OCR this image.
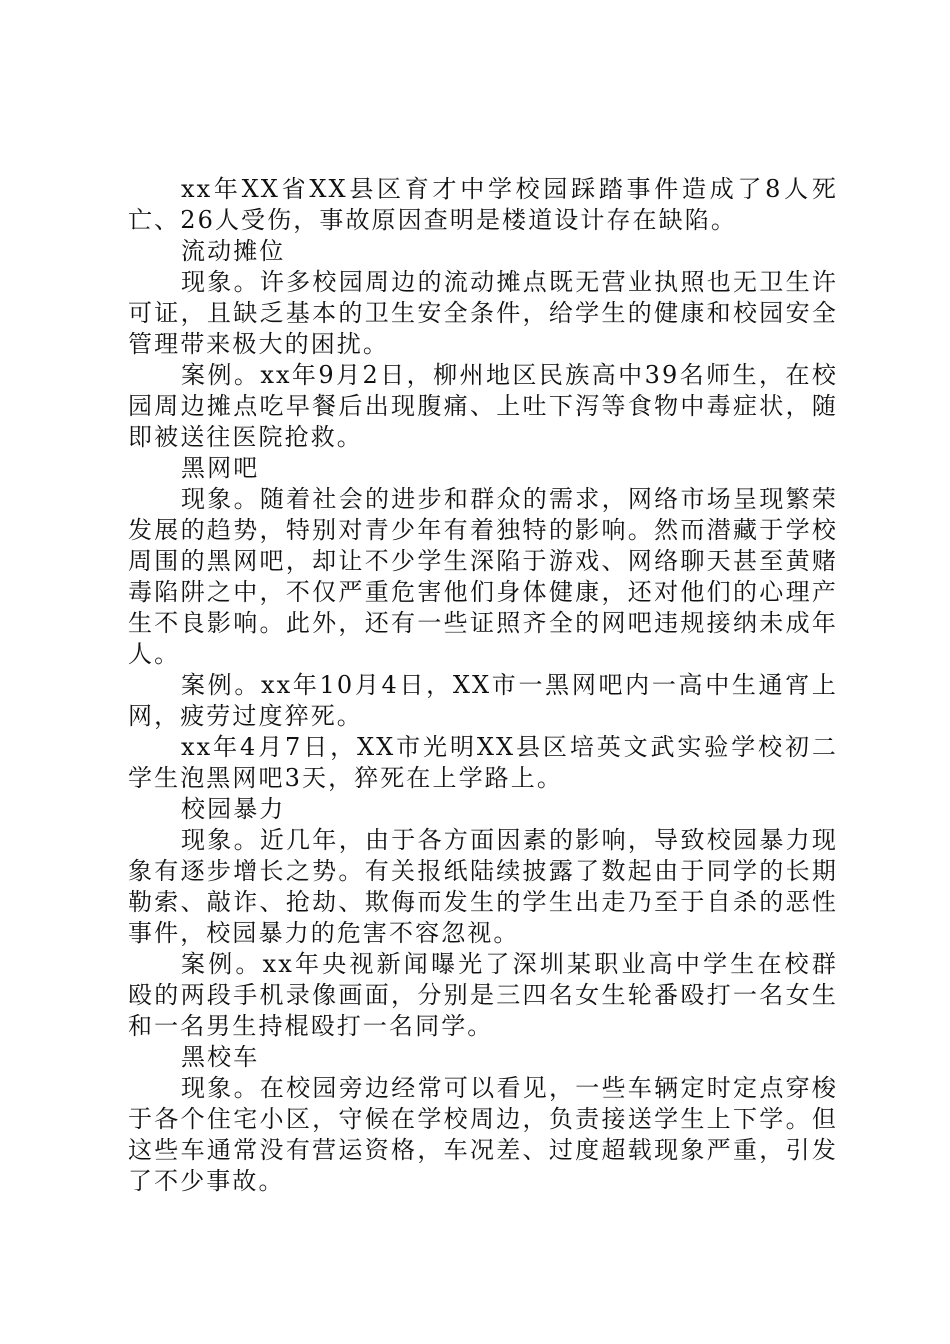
xx年XX省XX县区育才中学校园踩踏事件造成了8人死亡、26人受伤，事故原因查明是楼道设计存在缺陷。

流动摊位

现象。许多校园周边的流动摊点既无营业执照也无卫生许可证，且缺乏基本的卫生安全条件，给学生的健康和校园安全管理带来极大的困扰。

案例。xx年9月2日，柳州地区民族高中39名师生，在校园周边摊点吃早餐后出现腹痛、上吐下泻等食物中毒症状，随即被送往医院抢救。

黑网吧

现象。随着社会的进步和群众的需求，网络市场呈现繁荣发展的趋势，特别对青少年有着独特的影响。然而潜藏于学校周围的黑网吧，却让不少学生深陷于游戏、网络聊天甚至黄赌毒陷阱之中，不仅严重危害他们身体健康，还对他们的心理产生不良影响。此外，还有一些证照齐全的网吧违规接纳未成年人。

案例。xx年10月4日，XX市一黑网吧内一高中生通宵上网，疲劳过度猝死。

xx年4月7日，XX市光明XX县区培英文武实验学校初二学生泡黑网吧3天，猝死在上学路上。

校园暴力

现象。近几年，由于各方面因素的影响，导致校园暴力现象有逐步增长之势。有关报纸陆续披露了数起由于同学的长期勒索、敲诈、抢劫、欺侮而发生的学生出走乃至于自杀的恶性事件，校园暴力的危害不容忽视。

案例。xx年央视新闻曝光了深圳某职业高中学生在校群殴的两段手机录像画面，分别是三四名女生轮番殴打一名女生和一名男生持棍殴打一名同学。

黑校车

现象。在校园旁边经常可以看见，一些车辆定时定点穿梭于各个住宅小区，守候在学校周边，负责接送学生上下学。但这些车通常没有营运资格，车况差、过度超载现象严重，引发了不少事故。
